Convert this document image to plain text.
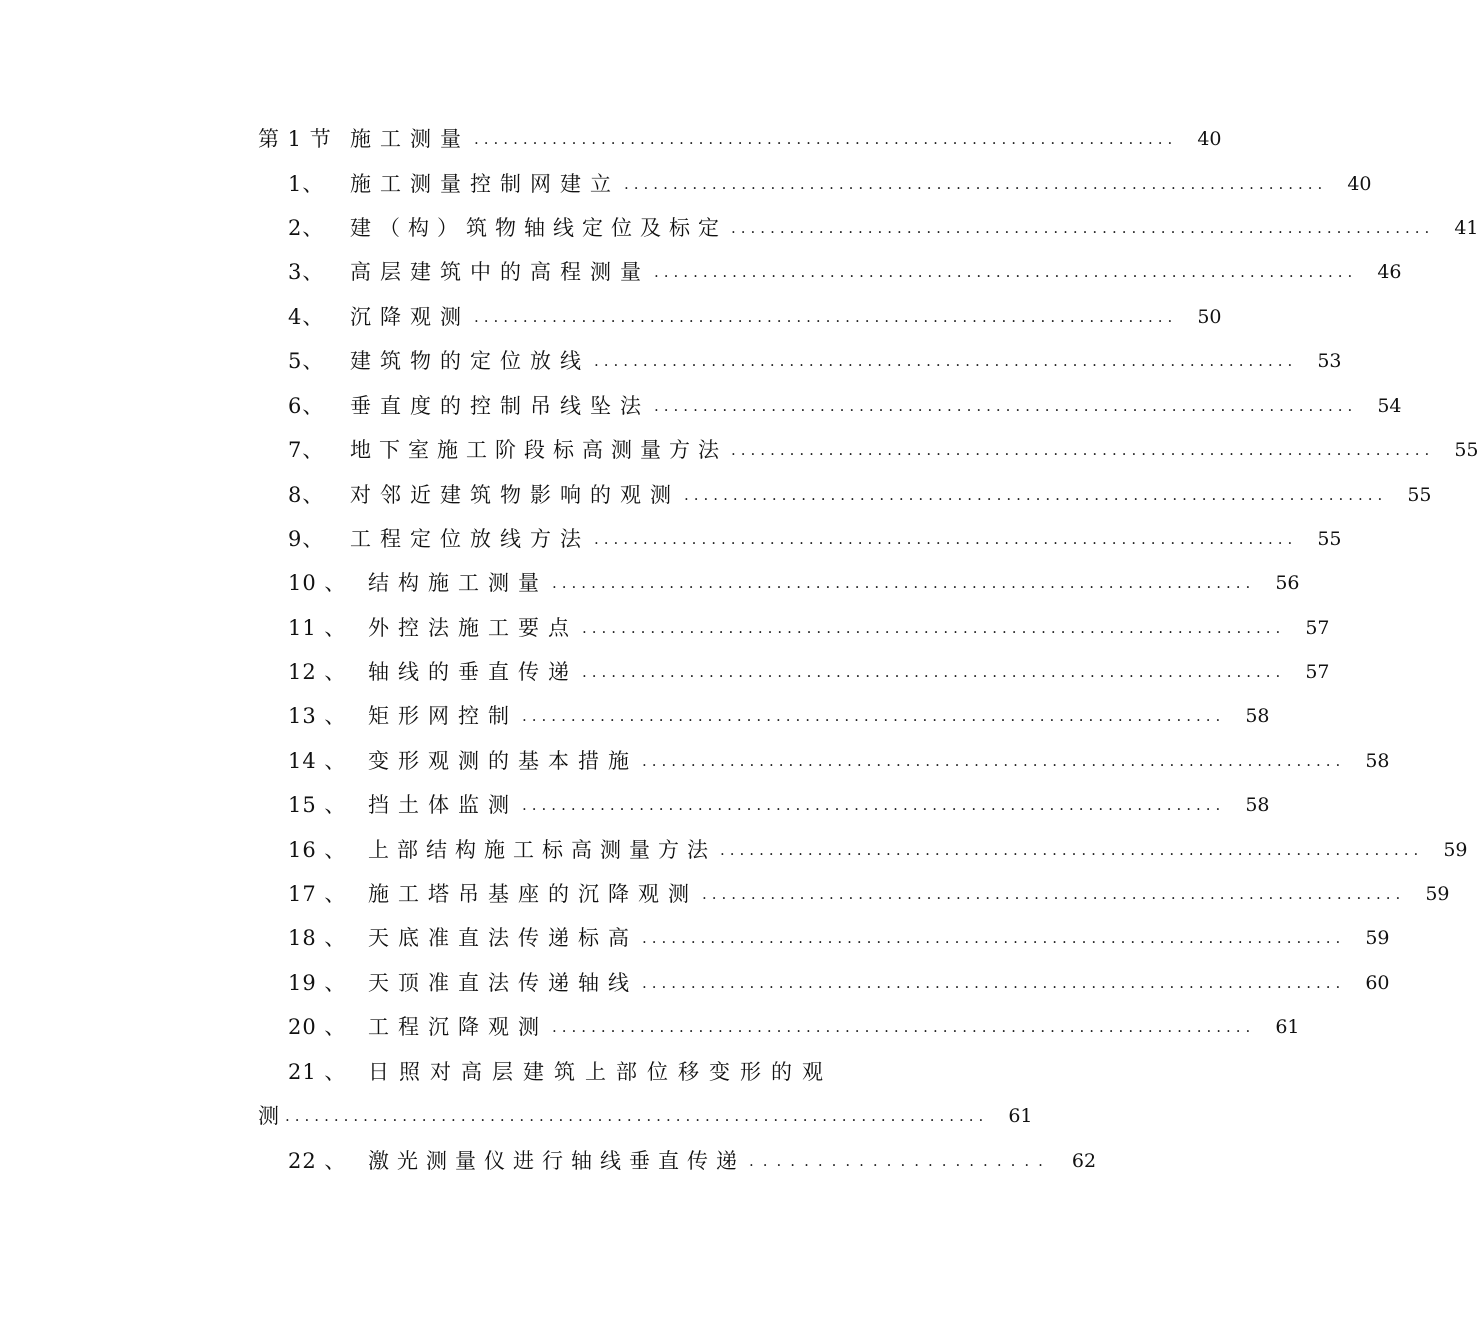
第 1 节 施工测量 ........................................................................ 40
1、	施工测量控制网建立 ........................................................................ 40
2、	建（构）筑物轴线定位及标定 ........................................................................ 41
3、	高层建筑中的高程测量 ........................................................................ 46
4、	沉降观测 ........................................................................ 50
5、	建筑物的定位放线 ........................................................................ 53
6、	垂直度的控制吊线坠法 ........................................................................ 54
7、	地下室施工阶段标高测量方法 ........................................................................ 55
8、	对邻近建筑物影响的观测 ........................................................................ 55
9、	工程定位放线方法 ........................................................................ 55
10 、	结构施工测量 ........................................................................ 56
11 、	外控法施工要点 ........................................................................ 57
12 、	轴线的垂直传递 ........................................................................ 57
13 、	矩形网控制 ........................................................................ 58
14 、	变形观测的基本措施 ........................................................................ 58
15 、	挡土体监测 ........................................................................ 58
16 、	上部结构施工标高测量方法 ........................................................................ 59
17 、	施工塔吊基座的沉降观测 ........................................................................ 59
18 、	天底准直法传递标高 ........................................................................ 59
19 、	天顶准直法传递轴线 ........................................................................ 60
20 、	工程沉降观测 ........................................................................ 61
21 、	日照对高层建筑上部位移变形的观
测 ........................................................................ 61
22 、	激光测量仪进行轴线垂直传递 ...................... 62
